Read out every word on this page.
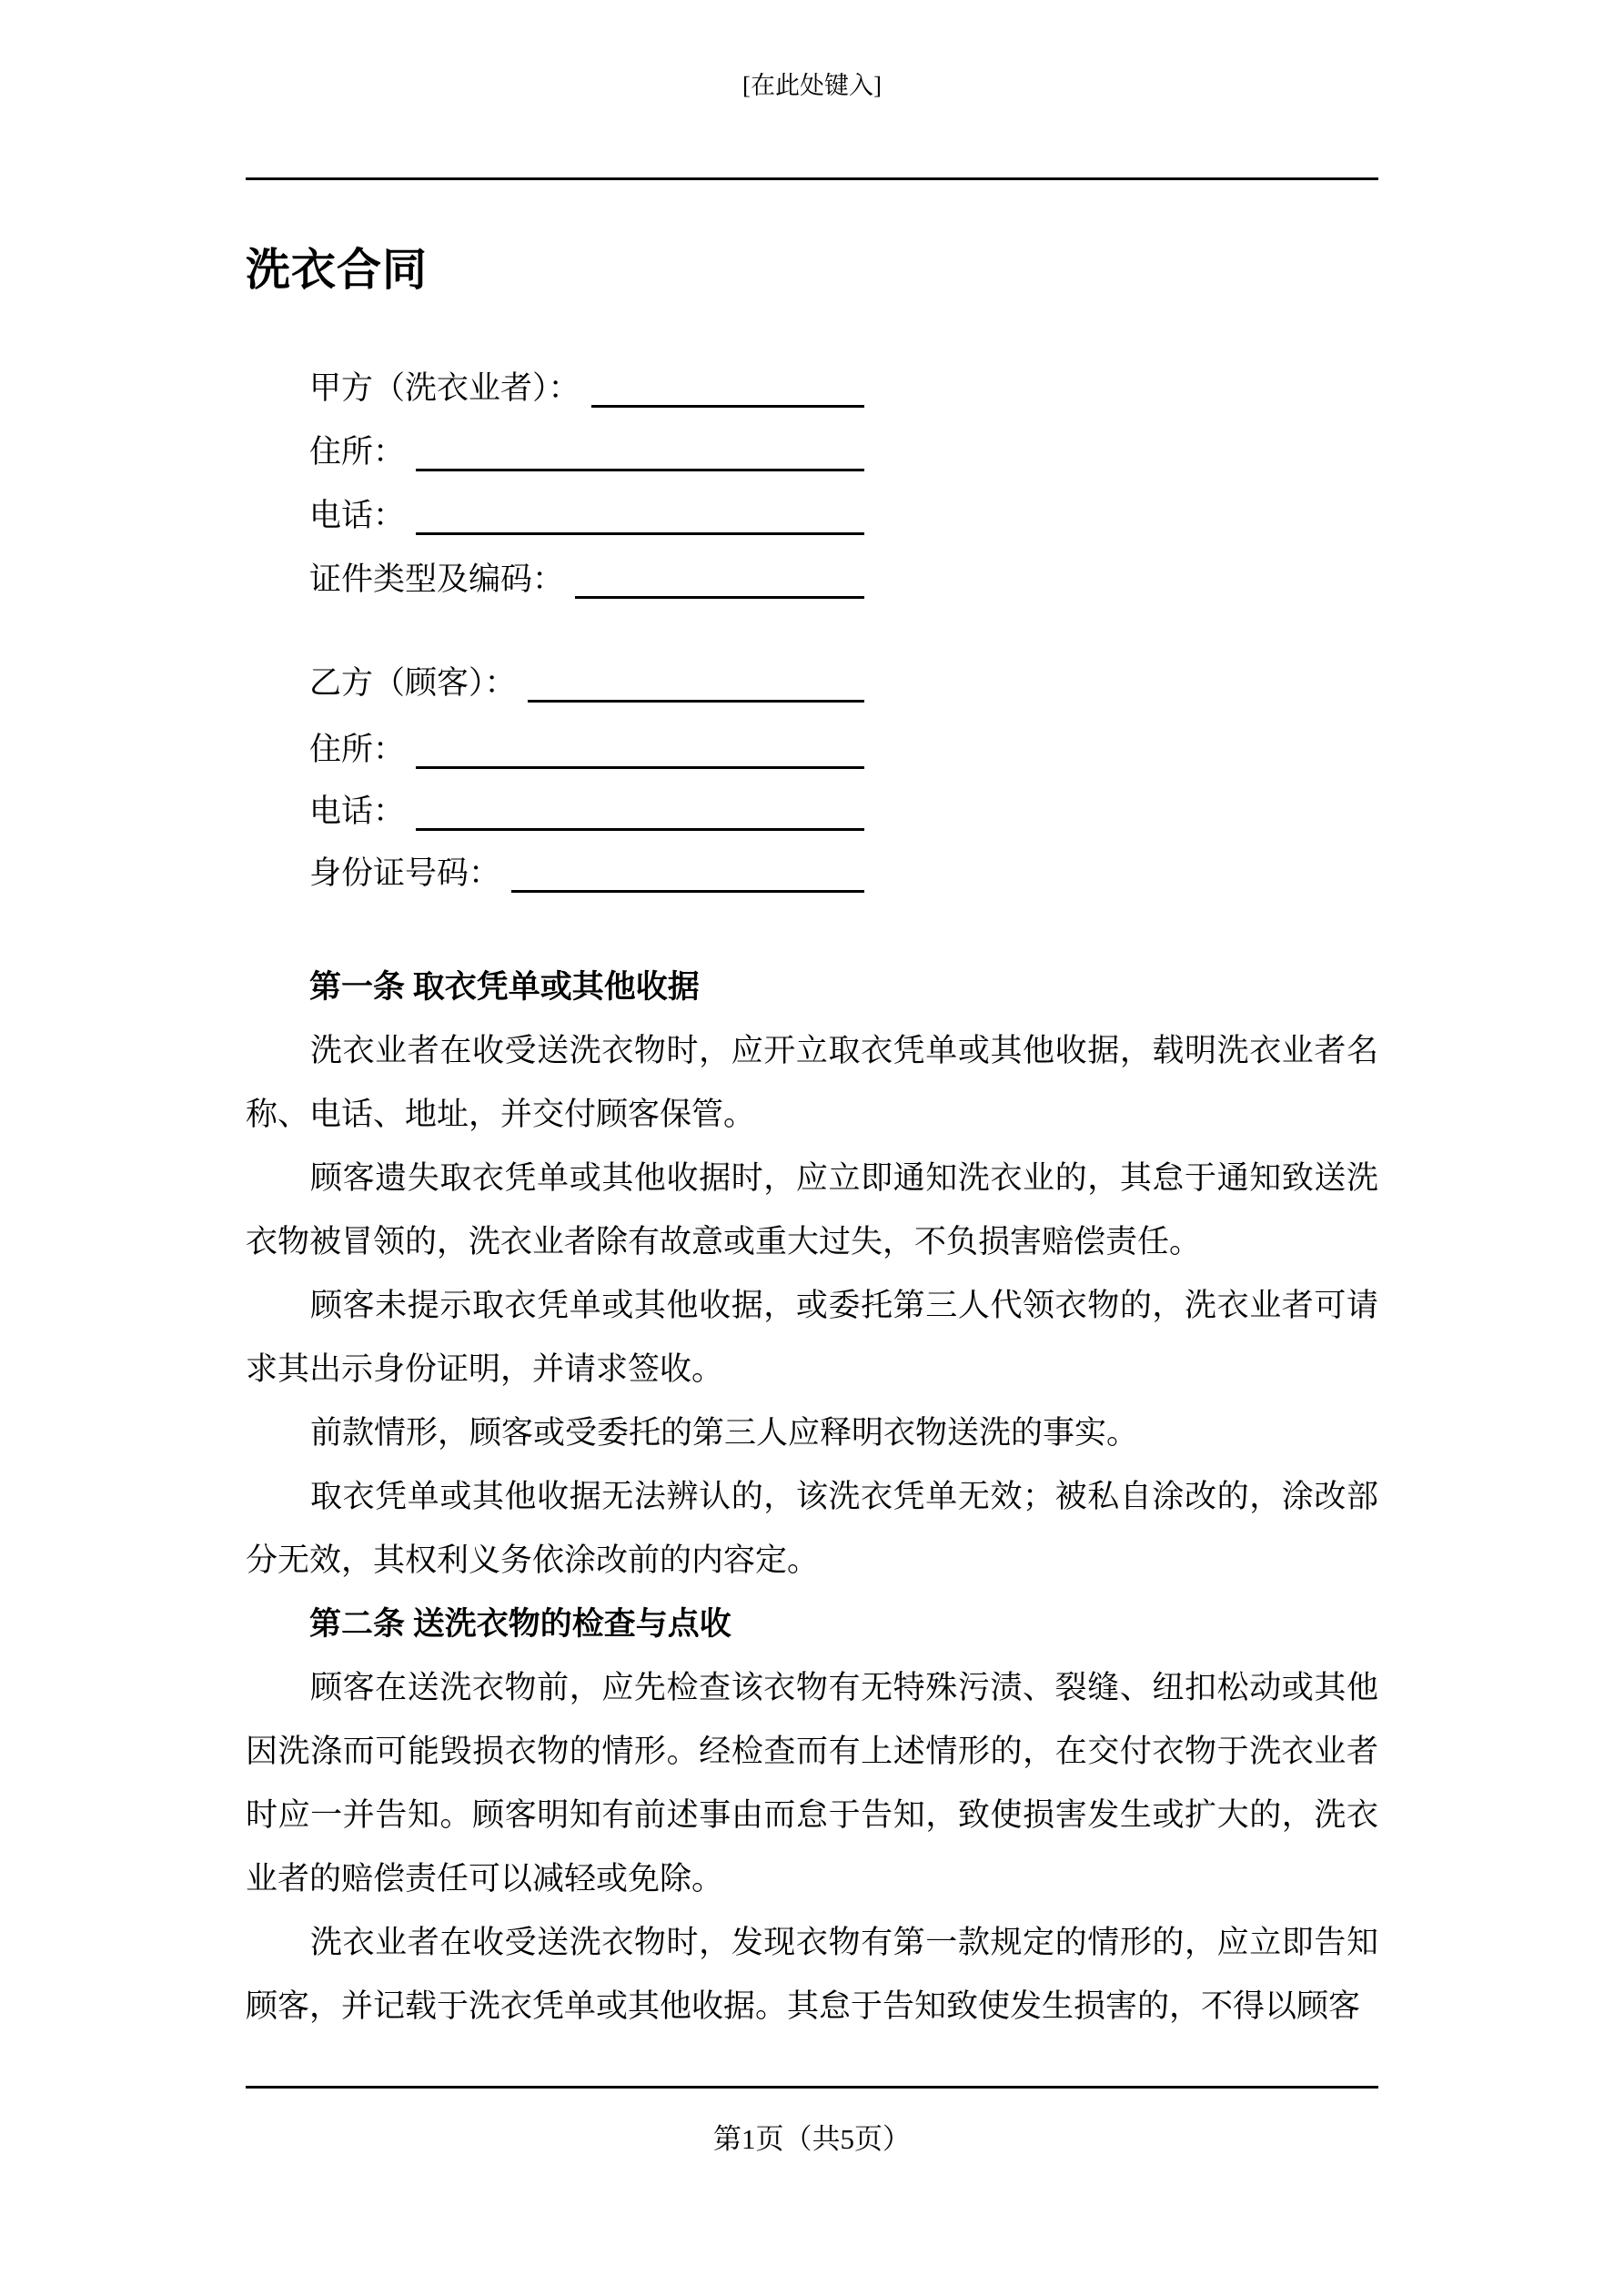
[在此处键入]
洗衣合同
甲方（洗衣业者）：
住所：
电话：
证件类型及编码：
乙方（顾客）：
住所：
电话：
身份证号码：

第一条 取衣凭单或其他收据

洗衣业者在收受送洗衣物时，应开立取衣凭单或其他收据，载明洗衣业者名称、电话、地址，并交付顾客保管。

顾客遗失取衣凭单或其他收据时，应立即通知洗衣业的，其怠于通知致送洗衣物被冒领的，洗衣业者除有故意或重大过失，不负损害赔偿责任。

顾客未提示取衣凭单或其他收据，或委托第三人代领衣物的，洗衣业者可请求其出示身份证明，并请求签收。

前款情形，顾客或受委托的第三人应释明衣物送洗的事实。

取衣凭单或其他收据无法辨认的，该洗衣凭单无效；被私自涂改的，涂改部分无效，其权利义务依涂改前的内容定。

第二条 送洗衣物的检查与点收

顾客在送洗衣物前，应先检查该衣物有无特殊污渍、裂缝、纽扣松动或其他因洗涤而可能毁损衣物的情形。经检查而有上述情形的，在交付衣物于洗衣业者时应一并告知。顾客明知有前述事由而怠于告知，致使损害发生或扩大的，洗衣业者的赔偿责任可以减轻或免除。

洗衣业者在收受送洗衣物时，发现衣物有第一款规定的情形的，应立即告知顾客，并记载于洗衣凭单或其他收据。其怠于告知致使发生损害的，不得以顾客

第1页（共5页）
